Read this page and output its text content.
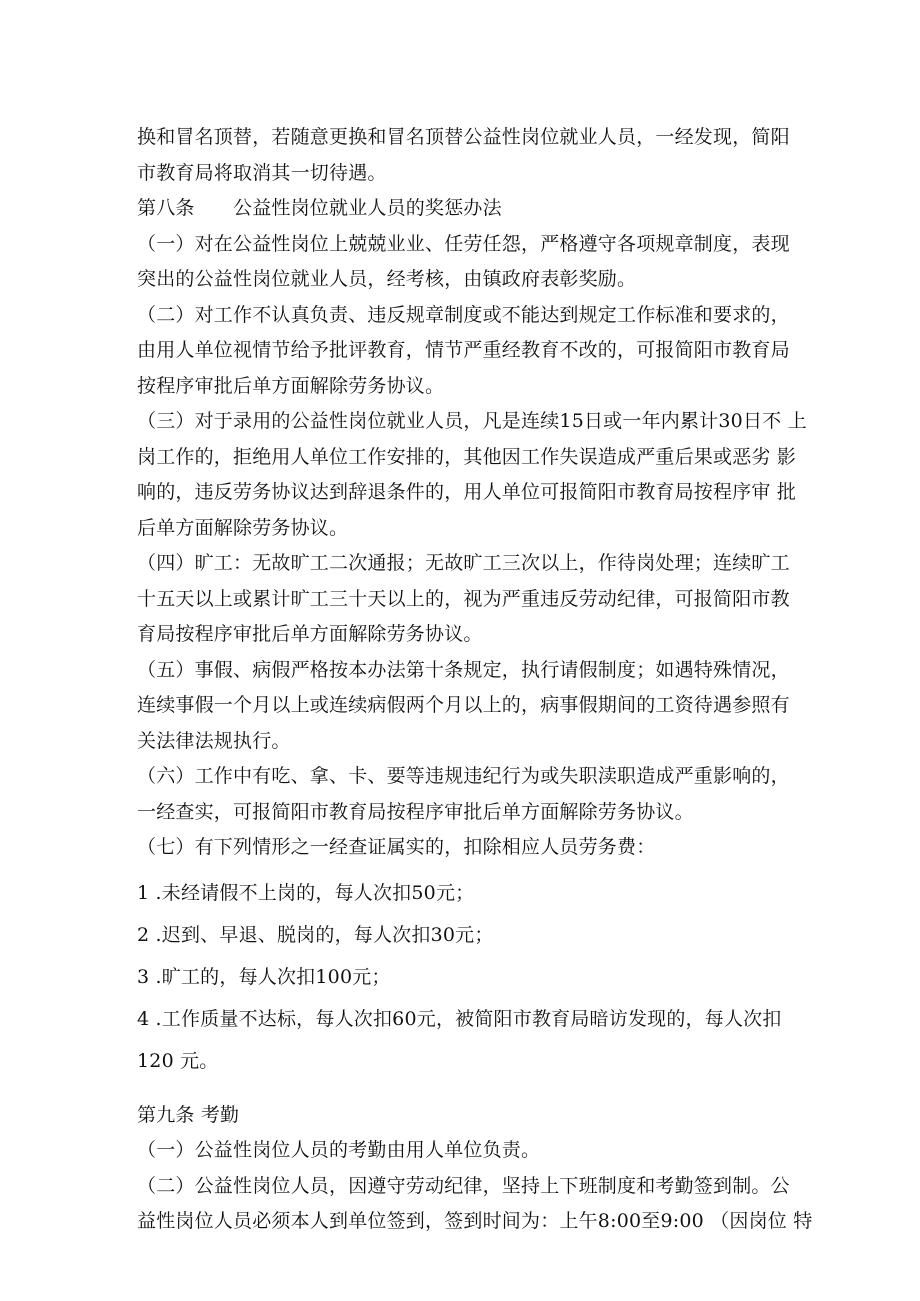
换和冒名顶替，若随意更换和冒名顶替公益性岗位就业人员，一经发现，简阳
市教育局将取消其一切待遇。
第八条　　公益性岗位就业人员的奖惩办法
（一）对在公益性岗位上兢兢业业、任劳任怨，严格遵守各项规章制度，表现
突出的公益性岗位就业人员，经考核，由镇政府表彰奖励。
（二）对工作不认真负责、违反规章制度或不能达到规定工作标准和要求的，
由用人单位视情节给予批评教育，情节严重经教育不改的，可报简阳市教育局
按程序审批后单方面解除劳务协议。
（三）对于录用的公益性岗位就业人员，凡是连续15日或一年内累计30日不 上
岗工作的，拒绝用人单位工作安排的，其他因工作失误造成严重后果或恶劣 影
响的，违反劳务协议达到辞退条件的，用人单位可报简阳市教育局按程序审 批
后单方面解除劳务协议。
（四）旷工：无故旷工二次通报；无故旷工三次以上，作待岗处理；连续旷工
十五天以上或累计旷工三十天以上的，视为严重违反劳动纪律，可报简阳市教
育局按程序审批后单方面解除劳务协议。
（五）事假、病假严格按本办法第十条规定，执行请假制度；如遇特殊情况，
连续事假一个月以上或连续病假两个月以上的，病事假期间的工资待遇参照有
关法律法规执行。
（六）工作中有吃、拿、卡、要等违规违纪行为或失职渎职造成严重影响的，
一经查实，可报简阳市教育局按程序审批后单方面解除劳务协议。
（七）有下列情形之一经查证属实的，扣除相应人员劳务费：
1 .未经请假不上岗的，每人次扣50元；
2 .迟到、早退、脱岗的，每人次扣30元；
3 .旷工的，每人次扣100元；
4 .工作质量不达标，每人次扣60元，被简阳市教育局暗访发现的，每人次扣
120 元。
第九条 考勤
（一）公益性岗位人员的考勤由用人单位负责。
（二）公益性岗位人员，因遵守劳动纪律，坚持上下班制度和考勤签到制。公
益性岗位人员必须本人到单位签到，签到时间为：上午8:00至9:00 （因岗位 特
